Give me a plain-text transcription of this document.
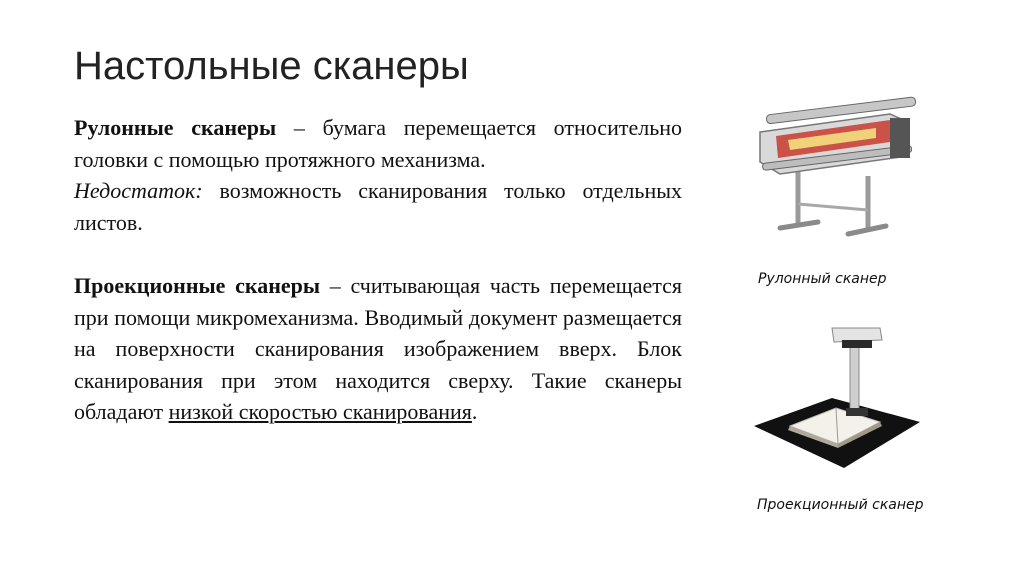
Настольные сканеры

Рулонные сканеры – бумага перемещается относительно головки с помощью протяжного механизма.

Недостаток: возможность сканирования только отдельных листов.

Проекционные сканеры – считывающая часть перемещается при помощи микромеханизма. Вводимый документ размещается на поверхности сканирования изображением вверх. Блок сканирования при этом находится сверху. Такие сканеры обладают низкой скоростью сканирования.

Рулонный сканер
Проекционный сканер
